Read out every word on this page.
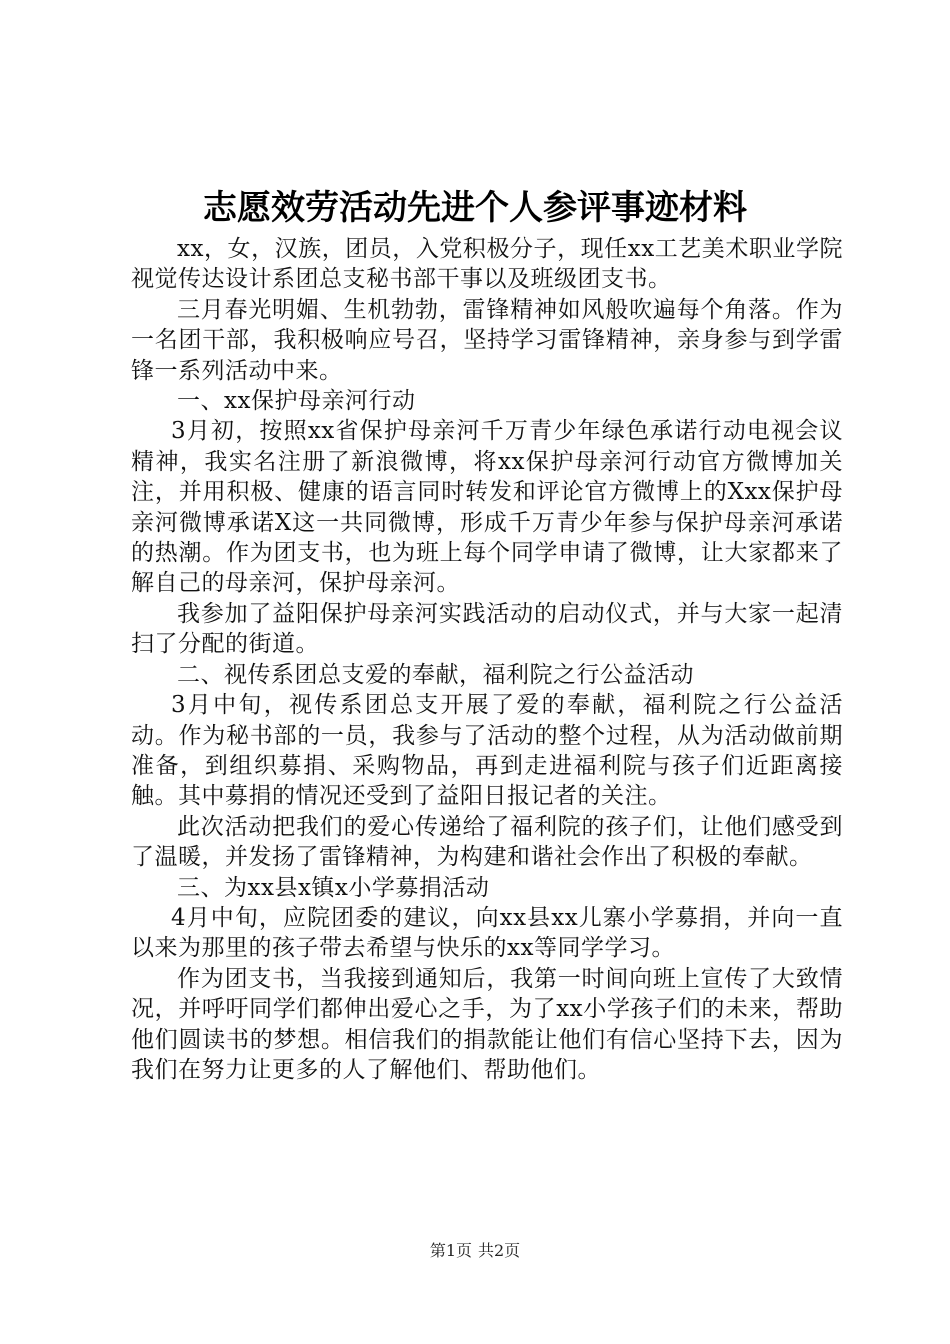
志愿效劳活动先进个人参评事迹材料

xx，女，汉族，团员，入党积极分子，现任xx工艺美术职业学院视觉传达设计系团总支秘书部干事以及班级团支书。

三月春光明媚、生机勃勃，雷锋精神如风般吹遍每个角落。作为一名团干部，我积极响应号召，坚持学习雷锋精神，亲身参与到学雷锋一系列活动中来。

一、xx保护母亲河行动

3月初，按照xx省保护母亲河千万青少年绿色承诺行动电视会议精神，我实名注册了新浪微博，将xx保护母亲河行动官方微博加关注，并用积极、健康的语言同时转发和评论官方微博上的Xxx保护母亲河微博承诺X这一共同微博，形成千万青少年参与保护母亲河承诺的热潮。作为团支书，也为班上每个同学申请了微博，让大家都来了解自己的母亲河，保护母亲河。

我参加了益阳保护母亲河实践活动的启动仪式，并与大家一起清扫了分配的街道。

二、视传系团总支爱的奉献，福利院之行公益活动

3月中旬，视传系团总支开展了爱的奉献，福利院之行公益活动。作为秘书部的一员，我参与了活动的整个过程，从为活动做前期准备，到组织募捐、采购物品，再到走进福利院与孩子们近距离接触。其中募捐的情况还受到了益阳日报记者的关注。

此次活动把我们的爱心传递给了福利院的孩子们，让他们感受到了温暖，并发扬了雷锋精神，为构建和谐社会作出了积极的奉献。

三、为xx县x镇x小学募捐活动

4月中旬，应院团委的建议，向xx县xx儿寨小学募捐，并向一直以来为那里的孩子带去希望与快乐的xx等同学学习。

作为团支书，当我接到通知后，我第一时间向班上宣传了大致情况，并呼吁同学们都伸出爱心之手，为了xx小学孩子们的未来，帮助他们圆读书的梦想。相信我们的捐款能让他们有信心坚持下去，因为我们在努力让更多的人了解他们、帮助他们。

第1页 共2页
